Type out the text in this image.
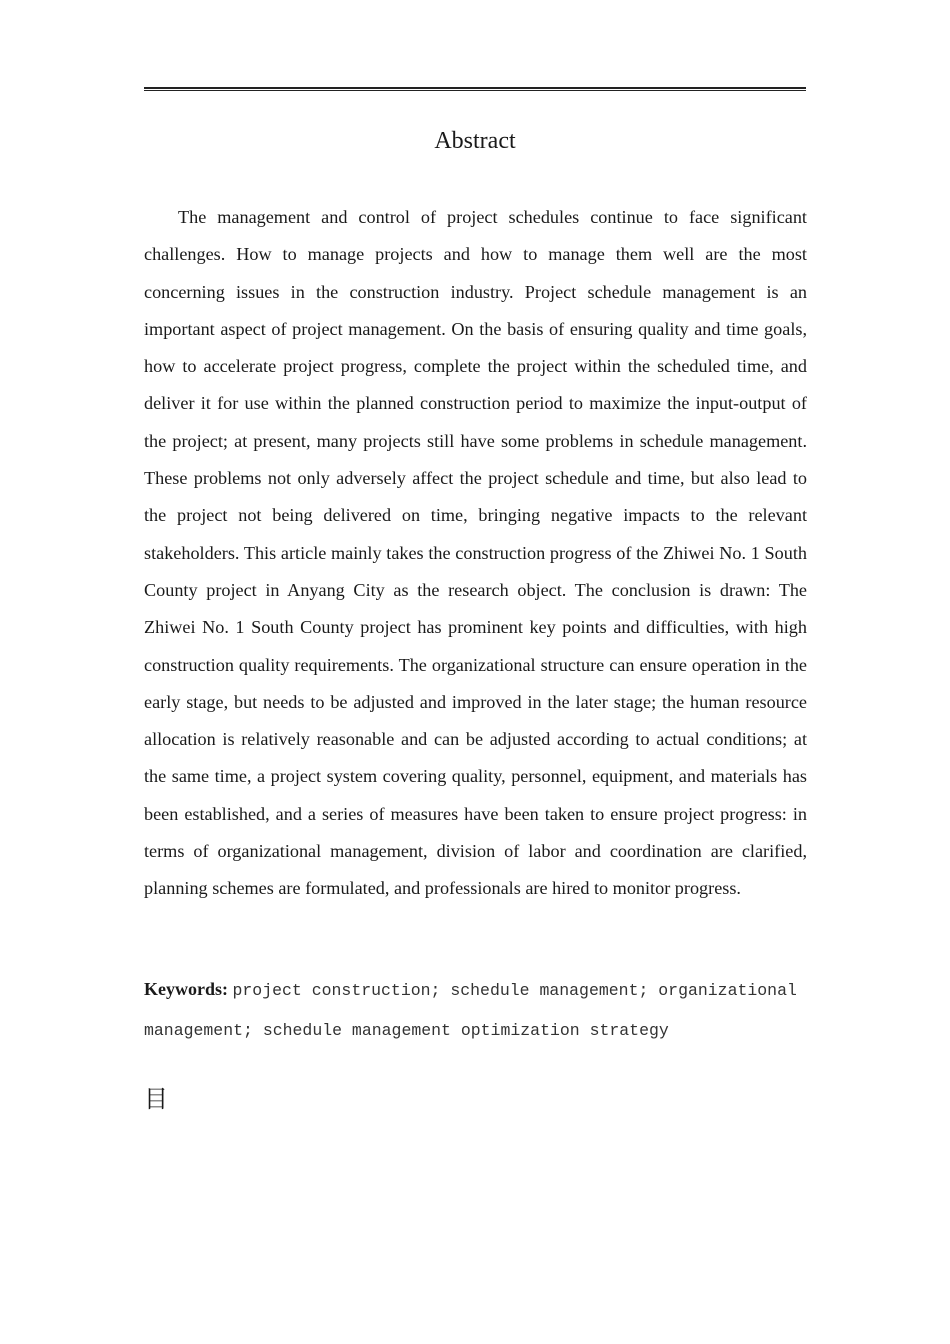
Abstract

The management and control of project schedules continue to face significant challenges. How to manage projects and how to manage them well are the most concerning issues in the construction industry. Project schedule management is an important aspect of project management. On the basis of ensuring quality and time goals, how to accelerate project progress, complete the project within the scheduled time, and deliver it for use within the planned construction period to maximize the input-output of the project; at present, many projects still have some problems in schedule management. These problems not only adversely affect the project schedule and time, but also lead to the project not being delivered on time, bringing negative impacts to the relevant stakeholders. This article mainly takes the construction progress of the Zhiwei No. 1 South County project in Anyang City as the research object. The conclusion is drawn: The Zhiwei No. 1 South County project has prominent key points and difficulties, with high construction quality requirements. The organizational structure can ensure operation in the early stage, but needs to be adjusted and improved in the later stage; the human resource allocation is relatively reasonable and can be adjusted according to actual conditions; at the same time, a project system covering quality, personnel, equipment, and materials has been established, and a series of measures have been taken to ensure project progress: in terms of organizational management, division of labor and coordination are clarified, planning schemes are formulated, and professionals are hired to monitor progress.

Keywords: project construction; schedule management; organizational management; schedule management optimization strategy

目
